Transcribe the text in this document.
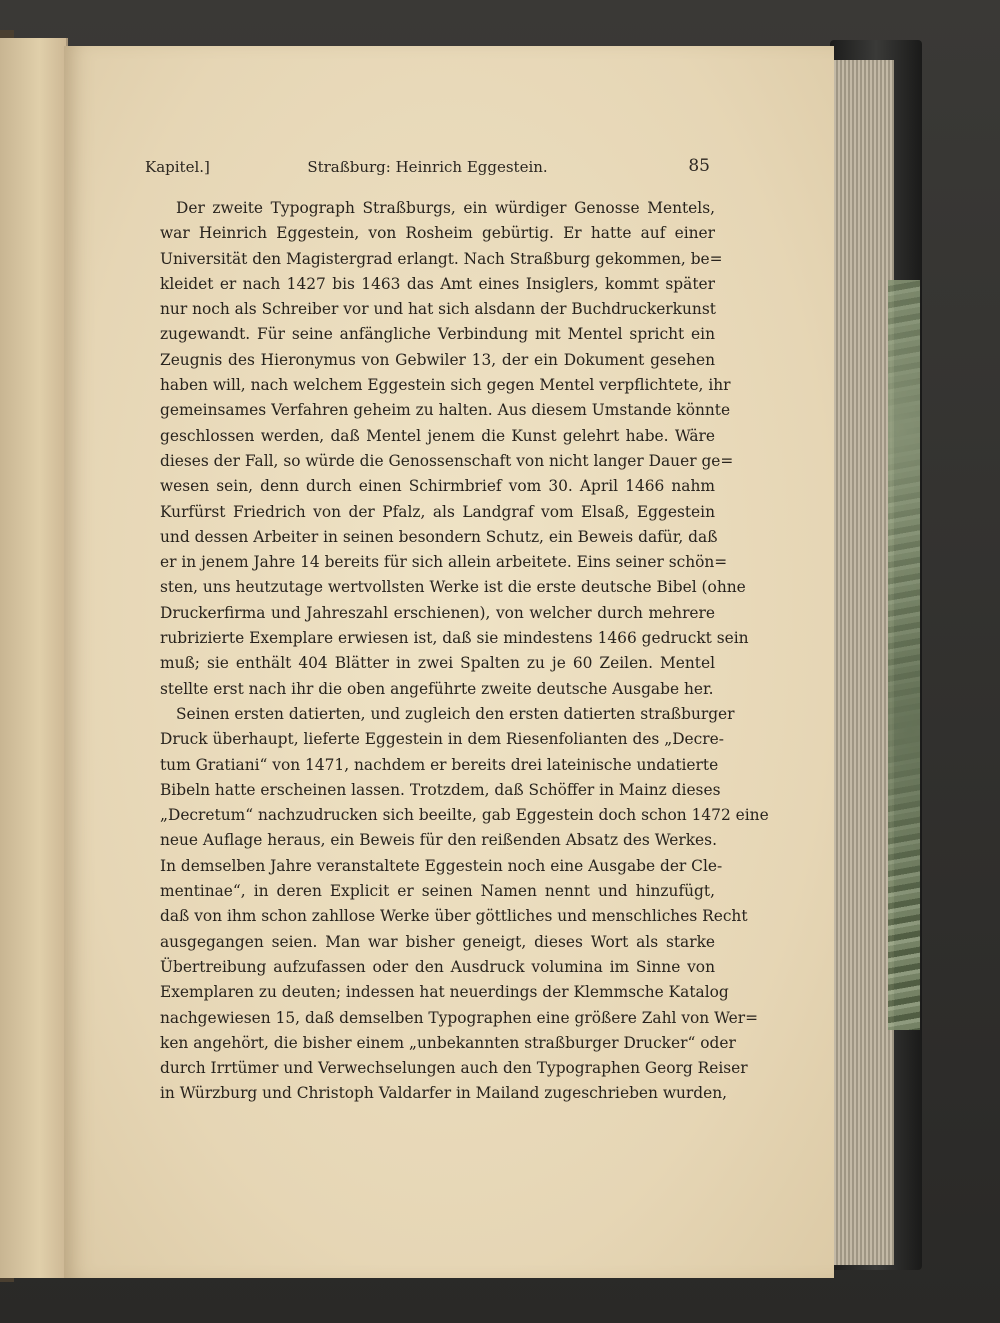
Kapitel.]	Straßburg: Heinrich Eggestein.	85
Der zweite Typograph Straßburgs, ein würdiger Genosse Mentels,
war Heinrich Eggestein, von Rosheim gebürtig. Er hatte auf einer
Universität den Magistergrad erlangt. Nach Straßburg gekommen, be=
kleidet er nach 1427 bis 1463 das Amt eines Insiglers, kommt später
nur noch als Schreiber vor und hat sich alsdann der Buchdruckerkunst
zugewandt. Für seine anfängliche Verbindung mit Mentel spricht ein
Zeugnis des Hieronymus von Gebwiler 13, der ein Dokument gesehen
haben will, nach welchem Eggestein sich gegen Mentel verpflichtete, ihr
gemeinsames Verfahren geheim zu halten. Aus diesem Umstande könnte
geschlossen werden, daß Mentel jenem die Kunst gelehrt habe. Wäre
dieses der Fall, so würde die Genossenschaft von nicht langer Dauer ge=
wesen sein, denn durch einen Schirmbrief vom 30. April 1466 nahm
Kurfürst Friedrich von der Pfalz, als Landgraf vom Elsaß, Eggestein
und dessen Arbeiter in seinen besondern Schutz, ein Beweis dafür, daß
er in jenem Jahre 14 bereits für sich allein arbeitete. Eins seiner schön=
sten, uns heutzutage wertvollsten Werke ist die erste deutsche Bibel (ohne
Druckerfirma und Jahreszahl erschienen), von welcher durch mehrere
rubrizierte Exemplare erwiesen ist, daß sie mindestens 1466 gedruckt sein
muß; sie enthält 404 Blätter in zwei Spalten zu je 60 Zeilen. Mentel
stellte erst nach ihr die oben angeführte zweite deutsche Ausgabe her.
Seinen ersten datierten, und zugleich den ersten datierten straßburger
Druck überhaupt, lieferte Eggestein in dem Riesenfolianten des „Decre-
tum Gratiani“ von 1471, nachdem er bereits drei lateinische undatierte
Bibeln hatte erscheinen lassen. Trotzdem, daß Schöffer in Mainz dieses
„Decretum“ nachzudrucken sich beeilte, gab Eggestein doch schon 1472 eine
neue Auflage heraus, ein Beweis für den reißenden Absatz des Werkes.
In demselben Jahre veranstaltete Eggestein noch eine Ausgabe der Cle-
mentinae“, in deren Explicit er seinen Namen nennt und hinzufügt,
daß von ihm schon zahllose Werke über göttliches und menschliches Recht
ausgegangen seien. Man war bisher geneigt, dieses Wort als starke
Übertreibung aufzufassen oder den Ausdruck volumina im Sinne von
Exemplaren zu deuten; indessen hat neuerdings der Klemmsche Katalog
nachgewiesen 15, daß demselben Typographen eine größere Zahl von Wer=
ken angehört, die bisher einem „unbekannten straßburger Drucker“ oder
durch Irrtümer und Verwechselungen auch den Typographen Georg Reiser
in Würzburg und Christoph Valdarfer in Mailand zugeschrieben wurden,
